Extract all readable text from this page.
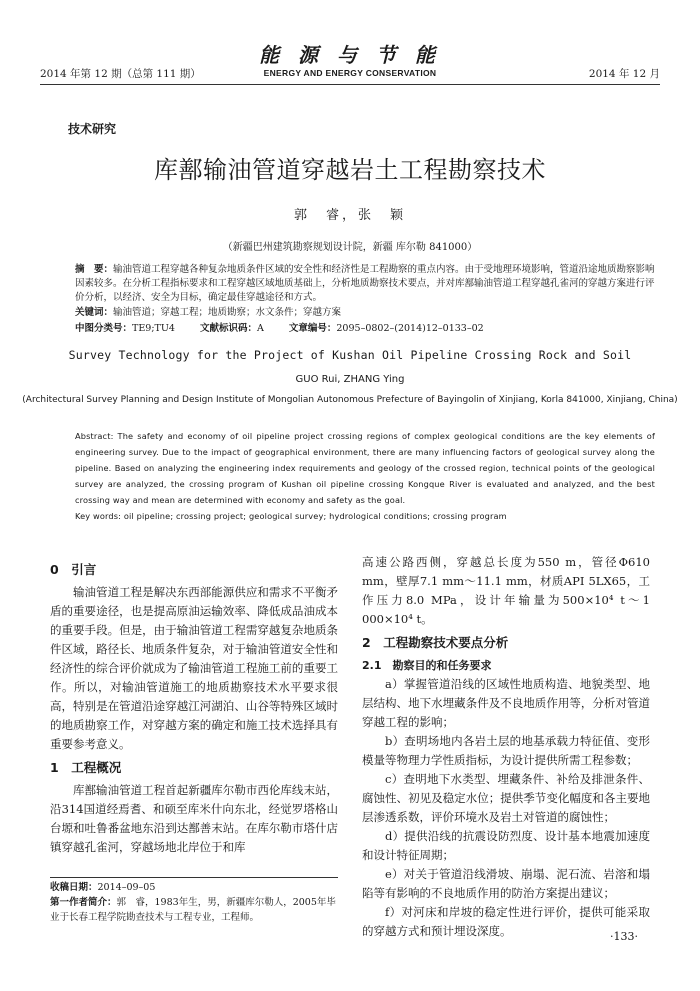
2014 年第 12 期（总第 111 期）
能 源 与 节 能
ENERGY AND ENERGY CONSERVATION	2014 年 12 月
技术研究
库鄯输油管道穿越岩土工程勘察技术
郭　睿，张　颖
（新疆巴州建筑勘察规划设计院，新疆 库尔勒 841000）
摘　要：输油管道工程穿越各种复杂地质条件区域的安全性和经济性是工程勘察的重点内容。由于受地理环境影响，管道沿途地质勘察影响因素较多。在分析工程指标要求和工程穿越区域地质基础上，分析地质勘察技术要点，并对库鄯输油管道工程穿越孔雀河的穿越方案进行评价分析，以经济、安全为目标，确定最佳穿越途径和方式。
关键词：输油管道；穿越工程；地质勘察；水文条件；穿越方案
中图分类号：TE9;TU4	文献标识码：A	文章编号：2095–0802–(2014)12–0133–02
Survey Technology for the Project of Kushan Oil Pipeline Crossing Rock and Soil
GUO Rui, ZHANG Ying
(Architectural Survey Planning and Design Institute of Mongolian Autonomous Prefecture of Bayingolin of Xinjiang, Korla 841000, Xinjiang, China)
Abstract: The safety and economy of oil pipeline project crossing regions of complex geological conditions are the key elements of engineering survey. Due to the impact of geographical environment, there are many influencing factors of geological survey along the pipeline. Based on analyzing the engineering index requirements and geology of the crossed region, technical points of the geological survey are analyzed, the crossing program of Kushan oil pipeline crossing Kongque River is evaluated and analyzed, and the best crossing way and mean are determined with economy and safety as the goal.
Key words: oil pipeline; crossing project; geological survey; hydrological conditions; crossing program
0　引言

输油管道工程是解决东西部能源供应和需求不平衡矛盾的重要途径，也是提高原油运输效率、降低成品油成本的重要手段。但是，由于输油管道工程需穿越复杂地质条件区域，路径长、地质条件复杂，对于输油管道安全性和经济性的综合评价就成为了输油管道工程施工前的重要工作。所以，对输油管道施工的地质勘察技术水平要求很高，特别是在管道沿途穿越江河湖泊、山谷等特殊区域时的地质勘察工作，对穿越方案的确定和施工技术选择具有重要参考意义。

1　工程概况

库鄯输油管道工程首起新疆库尔勒市西伦库线末站，沿314国道经焉耆、和硕至库米什向东北，经觉罗塔格山台塬和吐鲁番盆地东沿到达鄯善末站。在库尔勒市塔什店镇穿越孔雀河，穿越场地北岸位于和库

收稿日期：2014–09–05
第一作者简介：郭　睿，1983年生，男，新疆库尔勒人，2005年毕业于长春工程学院勘查技术与工程专业，工程师。

高速公路西侧，穿越总长度为550 m，管径Φ610 mm，壁厚7.1 mm～11.1 mm，材质API 5LX65，工作压力8.0 MPa，设计年输量为500×10⁴ t～1 000×10⁴ t。

2　工程勘察技术要点分析
2.1　勘察目的和任务要求

a）掌握管道沿线的区域性地质构造、地貌类型、地层结构、地下水埋藏条件及不良地质作用等，分析对管道穿越工程的影响；

b）查明场地内各岩土层的地基承载力特征值、变形模量等物理力学性质指标，为设计提供所需工程参数；

c）查明地下水类型、埋藏条件、补给及排泄条件、腐蚀性、初见及稳定水位；提供季节变化幅度和各主要地层渗透系数，评价环境水及岩土对管道的腐蚀性；

d）提供沿线的抗震设防烈度、设计基本地震加速度和设计特征周期；

e）对关于管道沿线滑坡、崩塌、泥石流、岩溶和塌陷等有影响的不良地质作用的防治方案提出建议；

f）对河床和岸坡的稳定性进行评价，提供可能采取的穿越方式和预计埋设深度。	·133·
